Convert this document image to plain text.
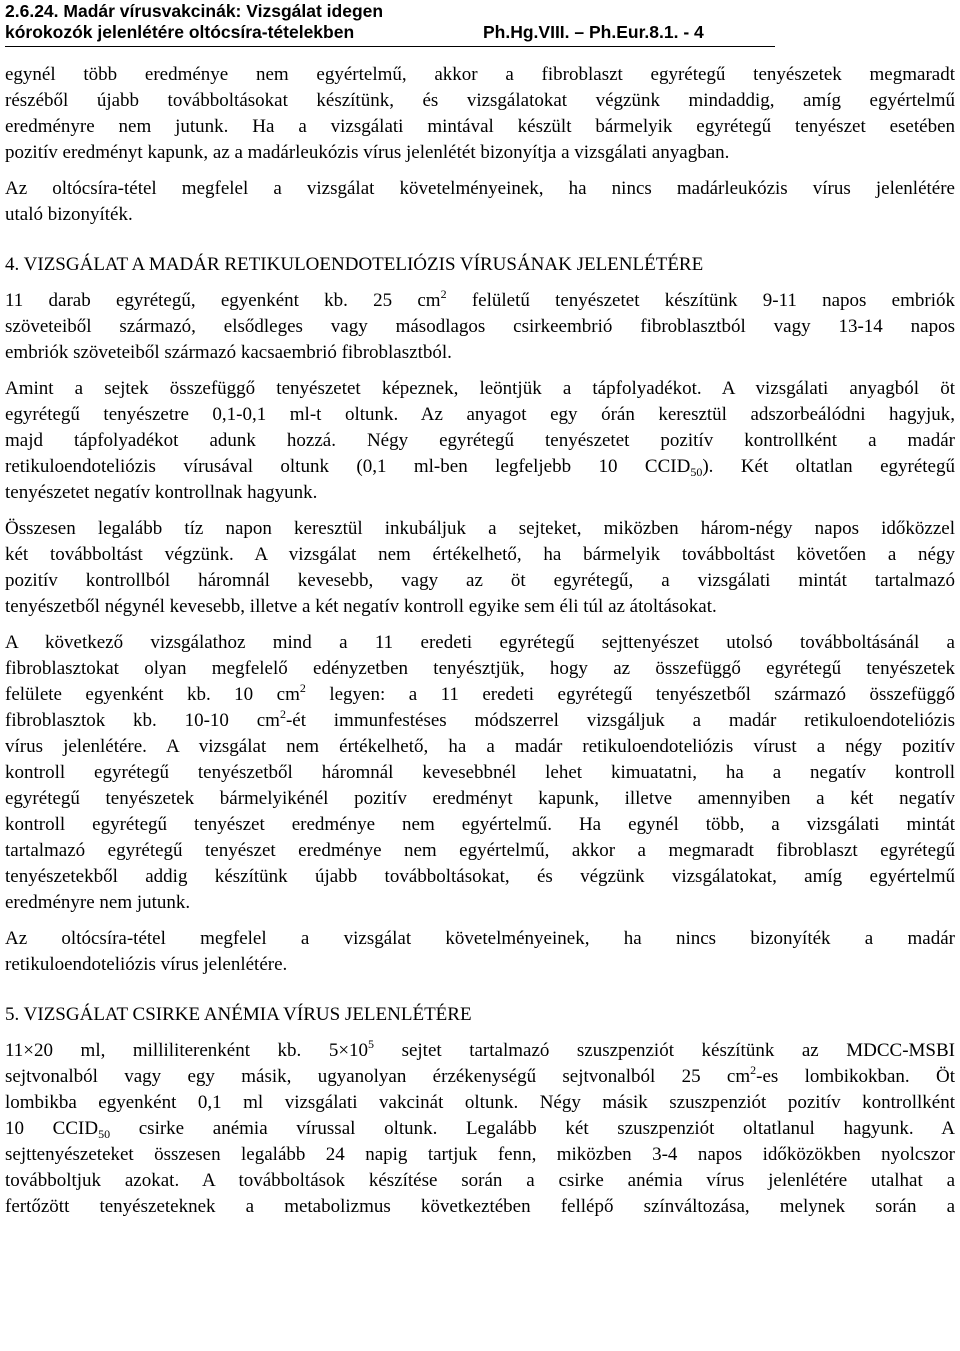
2.6.24. Madár vírusvakcinák: Vizsgálat idegen
kórokozók jelenlétére oltócsíra-tételekben	Ph.Hg.VIII. – Ph.Eur.8.1. - 4
egynél több eredménye nem egyértelmű, akkor a fibroblaszt egyrétegű tenyészetek megmaradt
részéből újabb továbboltásokat készítünk, és vizsgálatokat végzünk mindaddig, amíg egyértelmű
eredményre nem jutunk. Ha a vizsgálati mintával készült bármelyik egyrétegű tenyészet esetében
pozitív eredményt kapunk, az a madárleukózis vírus jelenlétét bizonyítja a vizsgálati anyagban.
Az oltócsíra-tétel megfelel a vizsgálat követelményeinek, ha nincs madárleukózis vírus jelenlétére
utaló bizonyíték.
4. VIZSGÁLAT A MADÁR RETIKULOENDOTELIÓZIS VÍRUSÁNAK JELENLÉTÉRE
11 darab egyrétegű, egyenként kb. 25 $cm^2$ felületű tenyészetet készítünk 9-11 napos embriók
szöveteiből származó, elsődleges vagy másodlagos csirkeembrió fibroblasztból vagy 13-14 napos
embriók szöveteiből származó kacsaembrió fibroblasztból.
Amint a sejtek összefüggő tenyészetet képeznek, leöntjük a tápfolyadékot. A vizsgálati anyagból öt
egyrétegű tenyészetre 0,1-0,1 ml-t oltunk. Az anyagot egy órán keresztül adszorbeálódni hagyjuk,
majd tápfolyadékot adunk hozzá. Négy egyrétegű tenyészetet pozitív kontrollként a madár
retikuloendoteliózis vírusával oltunk (0,1 ml-ben legfeljebb 10 $CCID_{50}$). Két oltatlan egyrétegű
tenyészetet negatív kontrollnak hagyunk.
Összesen legalább tíz napon keresztül inkubáljuk a sejteket, miközben három-négy napos időközzel
két továbboltást végzünk. A vizsgálat nem értékelhető, ha bármelyik továbboltást követően a négy
pozitív kontrollból háromnál kevesebb, vagy az öt egyrétegű, a vizsgálati mintát tartalmazó
tenyészetből négynél kevesebb, illetve a két negatív kontroll egyike sem éli túl az átoltásokat.
A következő vizsgálathoz mind a 11 eredeti egyrétegű sejttenyészet utolsó továbboltásánál a
fibroblasztokat olyan megfelelő edényzetben tenyésztjük, hogy az összefüggő egyrétegű tenyészetek
felülete egyenként kb. 10 $cm^2$ legyen: a 11 eredeti egyrétegű tenyészetből származó összefüggő
fibroblasztok kb. 10-10 $cm^2-ét$ immunfestéses módszerrel vizsgáljuk a madár retikuloendoteliózis
vírus jelenlétére. A vizsgálat nem értékelhető, ha a madár retikuloendoteliózis vírust a négy pozitív
kontroll egyrétegű tenyészetből háromnál kevesebbnél lehet kimuatatni, ha a negatív kontroll
egyrétegű tenyészetek bármelyikénél pozitív eredményt kapunk, illetve amennyiben a két negatív
kontroll egyrétegű tenyészet eredménye nem egyértelmű. Ha egynél több, a vizsgálati mintát
tartalmazó egyrétegű tenyészet eredménye nem egyértelmű, akkor a megmaradt fibroblaszt egyrétegű
tenyészetekből addig készítünk újabb továbboltásokat, és végzünk vizsgálatokat, amíg egyértelmű
eredményre nem jutunk.
Az oltócsíra-tétel megfelel a vizsgálat követelményeinek, ha nincs bizonyíték a madár
retikuloendoteliózis vírus jelenlétére.
5. VIZSGÁLAT CSIRKE ANÉMIA VÍRUS JELENLÉTÉRE
11×20 ml, milliliterenként kb. $5\times 10^5$ sejtet tartalmazó szuszpenziót készítünk az MDCC-MSBI
sejtvonalból vagy egy másik, ugyanolyan érzékenységű sejtvonalból 25 $cm^2-es$ lombikokban. Öt
lombikba egyenként 0,1 ml vizsgálati vakcinát oltunk. Négy másik szuszpenziót pozitív kontrollként
10 $CCID_{50}$ csirke anémia vírussal oltunk. Legalább két szuszpenziót oltatlanul hagyunk. A
sejttenyészeteket összesen legalább 24 napig tartjuk fenn, miközben 3-4 napos időközökben nyolcszor
továbboltjuk azokat. A továbboltások készítése során a csirke anémia vírus jelenlétére utalhat a
fertőzött tenyészeteknek a metabolizmus következtében fellépő színváltozása, melynek során a
